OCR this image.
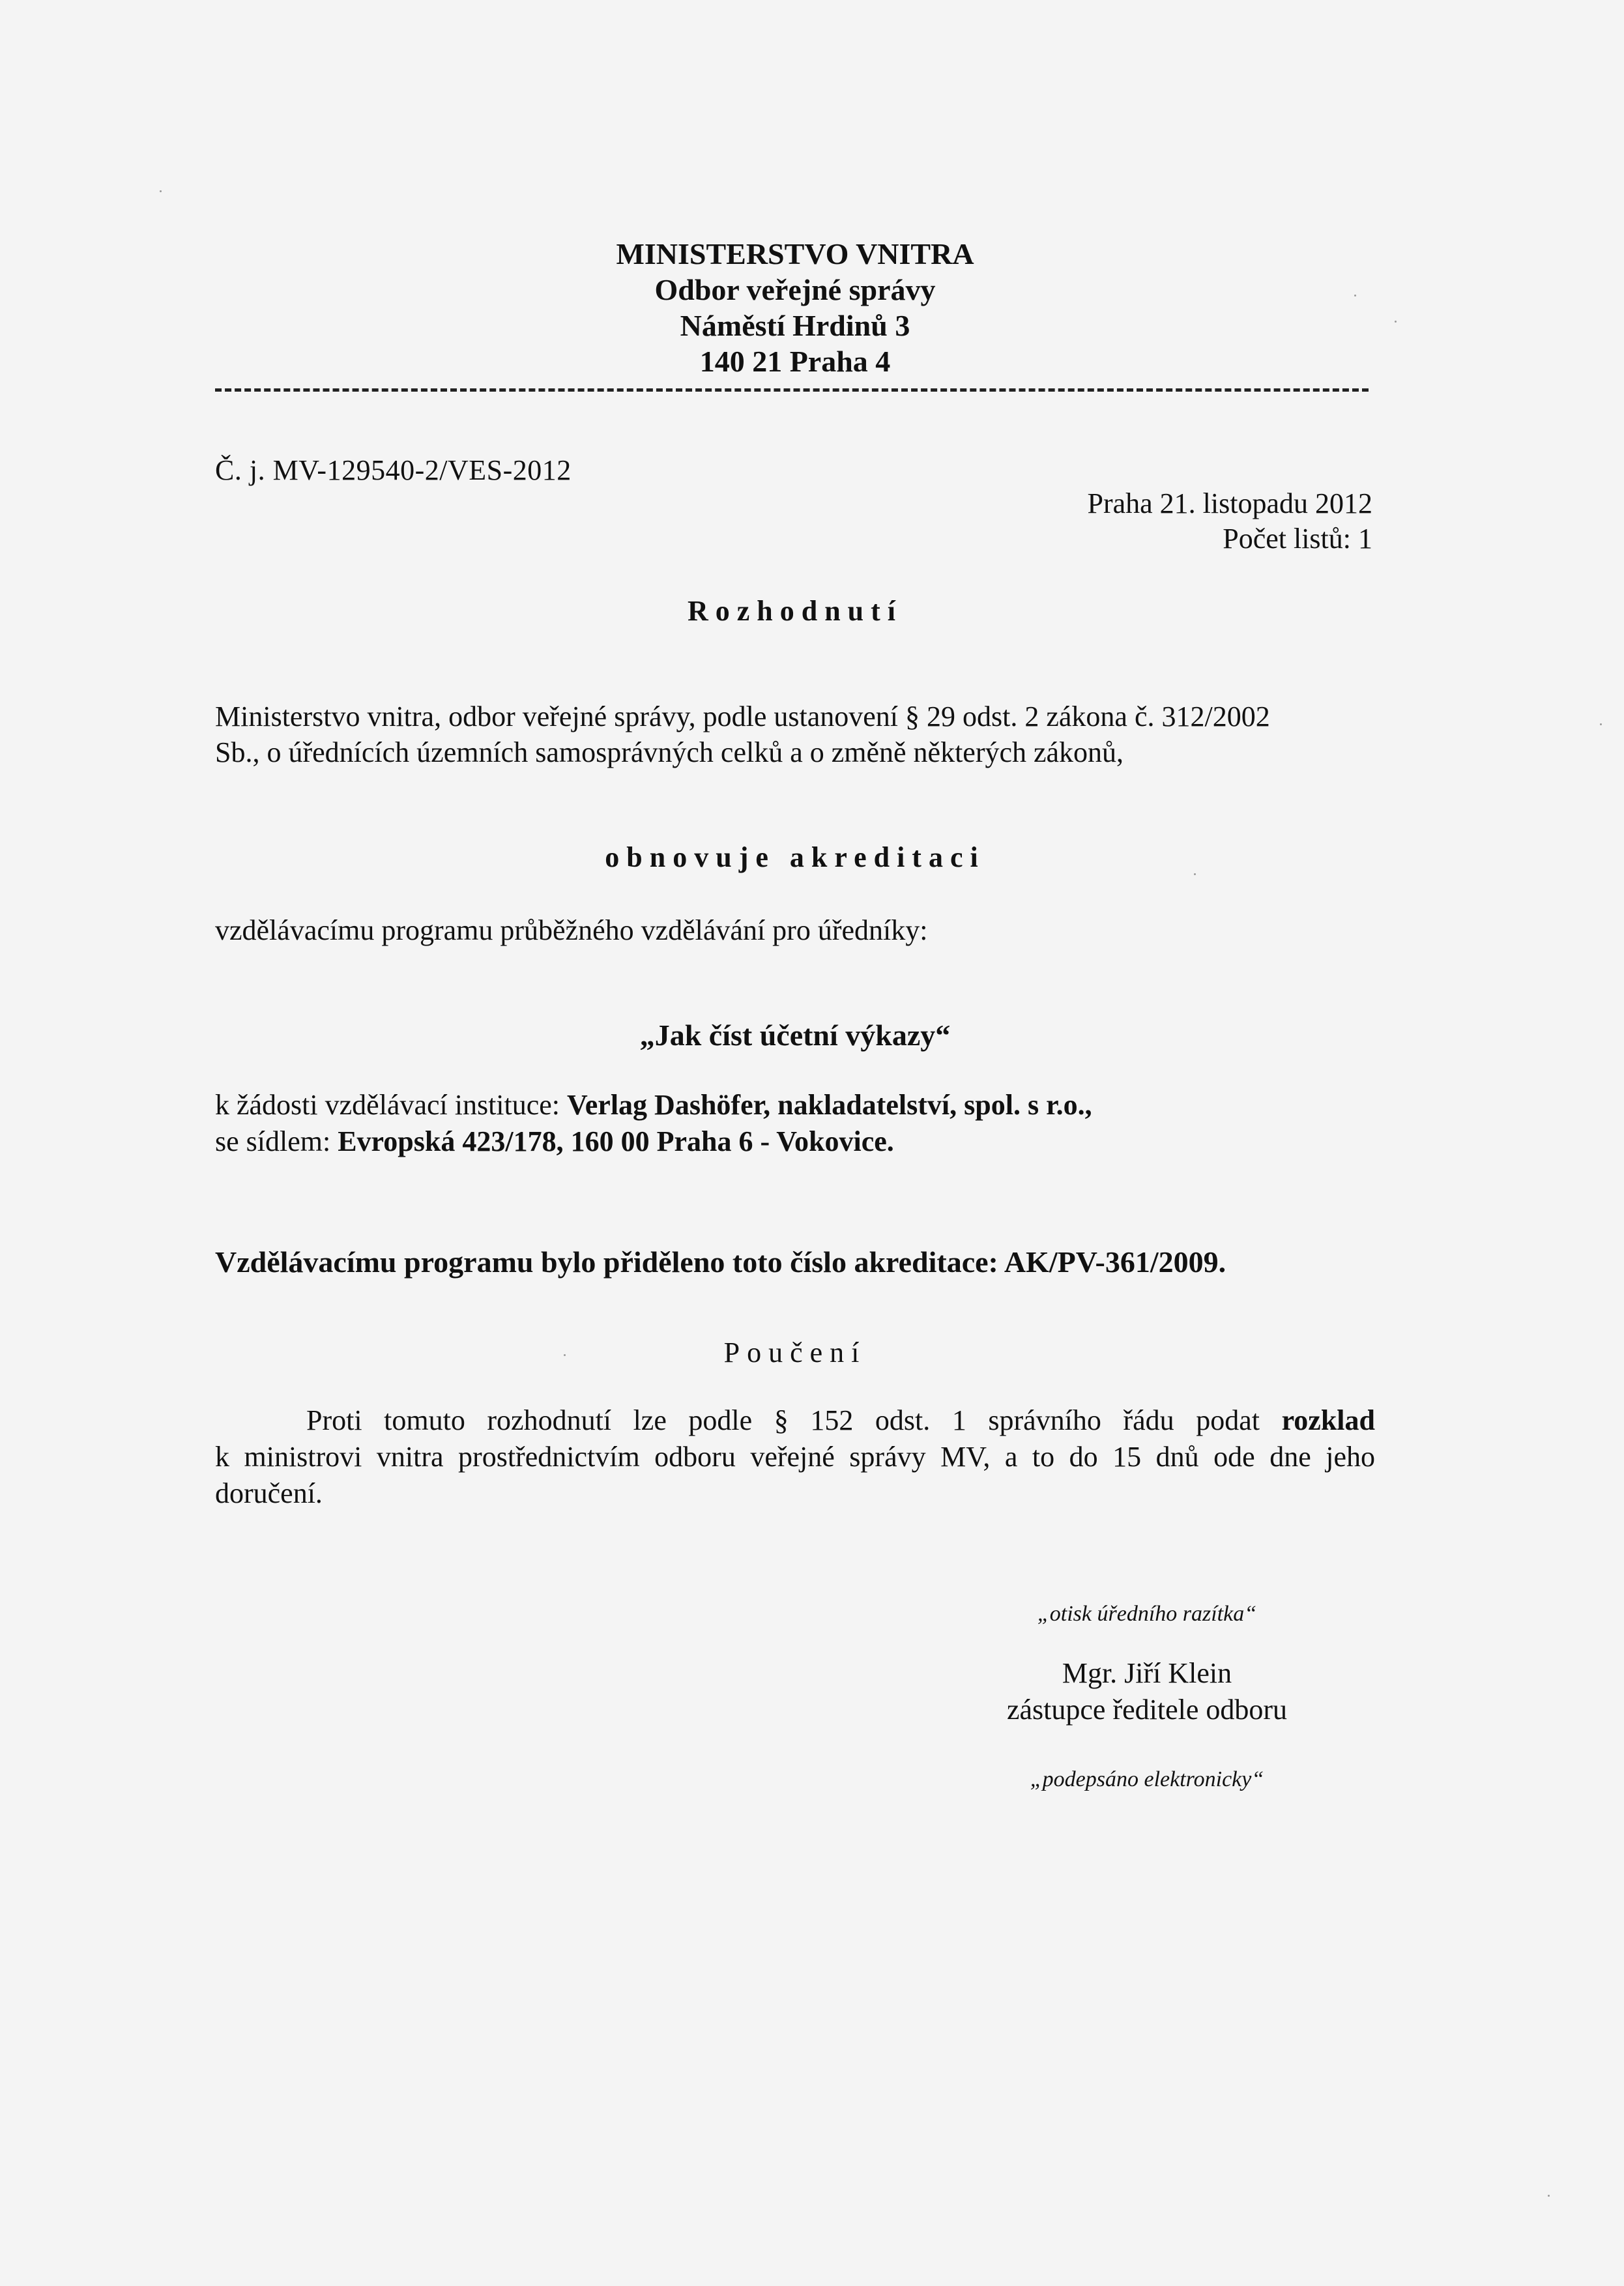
MINISTERSTVO VNITRA
Odbor veřejné správy
Náměstí Hrdinů 3
140 21 Praha 4
Č. j. MV-129540-2/VES-2012
Praha 21. listopadu 2012
Počet listů: 1
Rozhodnutí
Ministerstvo vnitra, odbor veřejné správy, podle ustanovení § 29 odst. 2 zákona č. 312/2002
Sb., o úřednících územních samosprávných celků a o změně některých zákonů,
obnovuje akreditaci
vzdělávacímu programu průběžného vzdělávání pro úředníky:
„Jak číst účetní výkazy“
k žádosti vzdělávací instituce: Verlag Dashöfer, nakladatelství, spol. s r.o.,
se sídlem: Evropská 423/178, 160 00 Praha 6 - Vokovice.
Vzdělávacímu programu bylo přiděleno toto číslo akreditace: AK/PV-361/2009.
Poučení
Proti tomuto rozhodnutí lze podle § 152 odst. 1 správního řádu podat rozklad
k ministrovi vnitra prostřednictvím odboru veřejné správy MV, a to do 15 dnů ode dne jeho
doručení.
„otisk úředního razítka“
Mgr. Jiří Klein
zástupce ředitele odboru
„podepsáno elektronicky“
